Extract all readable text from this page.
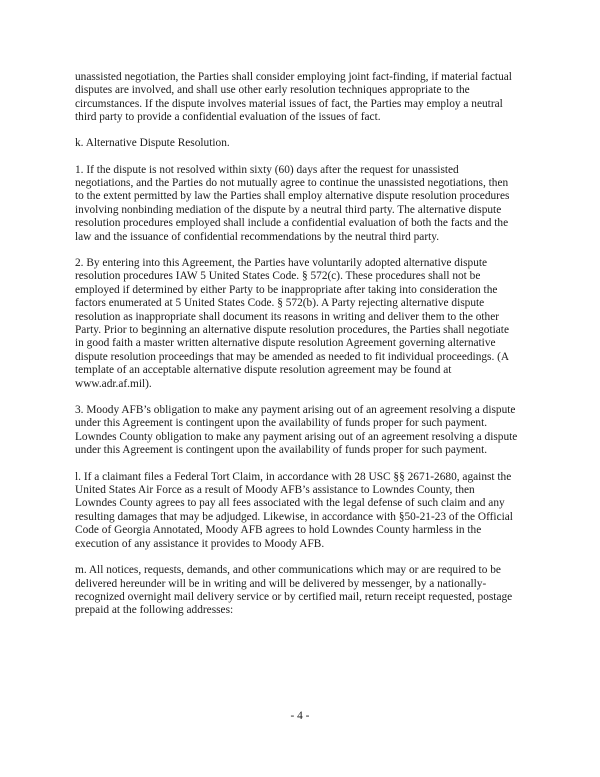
unassisted negotiation, the Parties shall consider employing joint fact-finding, if material factual
disputes are involved, and shall use other early resolution techniques appropriate to the
circumstances. If the dispute involves material issues of fact, the Parties may employ a neutral
third party to provide a confidential evaluation of the issues of fact.

k. Alternative Dispute Resolution.

1. If the dispute is not resolved within sixty (60) days after the request for unassisted
negotiations, and the Parties do not mutually agree to continue the unassisted negotiations, then
to the extent permitted by law the Parties shall employ alternative dispute resolution procedures
involving nonbinding mediation of the dispute by a neutral third party. The alternative dispute
resolution procedures employed shall include a confidential evaluation of both the facts and the
law and the issuance of confidential recommendations by the neutral third party.

2. By entering into this Agreement, the Parties have voluntarily adopted alternative dispute
resolution procedures IAW 5 United States Code. § 572(c). These procedures shall not be
employed if determined by either Party to be inappropriate after taking into consideration the
factors enumerated at 5 United States Code. § 572(b). A Party rejecting alternative dispute
resolution as inappropriate shall document its reasons in writing and deliver them to the other
Party. Prior to beginning an alternative dispute resolution procedures, the Parties shall negotiate
in good faith a master written alternative dispute resolution Agreement governing alternative
dispute resolution proceedings that may be amended as needed to fit individual proceedings. (A
template of an acceptable alternative dispute resolution agreement may be found at
www.adr.af.mil).

3. Moody AFB’s obligation to make any payment arising out of an agreement resolving a dispute
under this Agreement is contingent upon the availability of funds proper for such payment.
Lowndes County obligation to make any payment arising out of an agreement resolving a dispute
under this Agreement is contingent upon the availability of funds proper for such payment.

l. If a claimant files a Federal Tort Claim, in accordance with 28 USC §§ 2671-2680, against the
United States Air Force as a result of Moody AFB’s assistance to Lowndes County, then
Lowndes County agrees to pay all fees associated with the legal defense of such claim and any
resulting damages that may be adjudged. Likewise, in accordance with §50-21-23 of the Official
Code of Georgia Annotated, Moody AFB agrees to hold Lowndes County harmless in the
execution of any assistance it provides to Moody AFB.

m. All notices, requests, demands, and other communications which may or are required to be
delivered hereunder will be in writing and will be delivered by messenger, by a nationally-
recognized overnight mail delivery service or by certified mail, return receipt requested, postage
prepaid at the following addresses:

- 4 -
